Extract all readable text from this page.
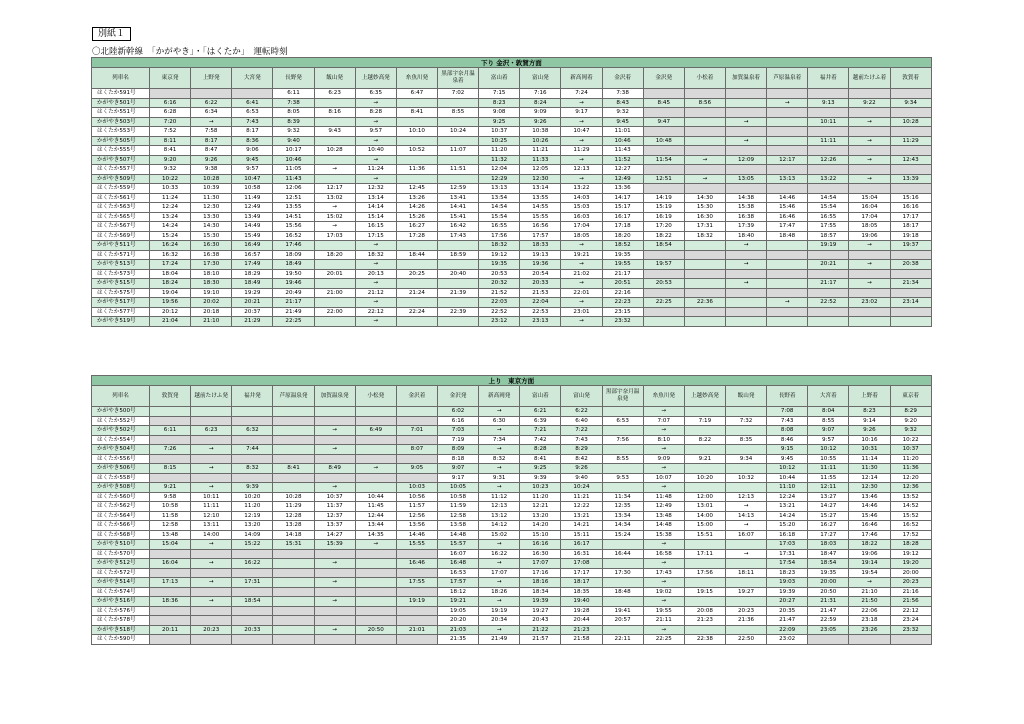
別紙１
〇北陸新幹線　「かがやき」・「はくたか」　運転時刻
下り 金沢・敦賀方面																			
列車名	東京発	上野発	大宮発	長野発	飯山発	上越妙高発	糸魚川発	黒部宇奈月温泉着	富山着	富山発	新高岡着	金沢着	金沢発	小松着	加賀温泉着	芦原温泉着	福井着	越前たけふ着	敦賀着
はくたか591号				6:11	6:23	6:35	6:47	7:02	7:15	7:16	7:24	7:38							
かがやき501号	6:16	6:22	6:41	7:38		→			8:23	8:24	→	8:43	8:45	8:56		→	9:13	9:22	9:34
はくたか551号	6:28	6:34	6:53	8:05	8:16	8:28	8:41	8:55	9:08	9:09	9:17	9:32							
かがやき503号	7:20	→	7:43	8:39		→			9:25	9:26	→	9:45	9:47		→		10:11	→	10:28
はくたか553号	7:52	7:58	8:17	9:32	9:43	9:57	10:10	10:24	10:37	10:38	10:47	11:01							
かがやき505号	8:11	8:17	8:36	9:40		→			10:25	10:26	→	10:46	10:48		→		11:11	→	11:29
はくたか555号	8:41	8:47	9:06	10:17	10:28	10:40	10:52	11:07	11:20	11:21	11:29	11:43							
かがやき507号	9:20	9:26	9:45	10:46		→			11:32	11:33	→	11:52	11:54	→	12:09	12:17	12:26	→	12:43
はくたか557号	9:32	9:38	9:57	11:05	→	11:24	11:36	11:51	12:04	12:05	12:13	12:27							
かがやき509号	10:22	10:28	10:47	11:43		→			12:29	12:30	→	12:49	12:51	→	13:05	13:13	13:22	→	13:39
はくたか559号	10:33	10:39	10:58	12:06	12:17	12:32	12:45	12:59	13:13	13:14	13:22	13:36							
はくたか561号	11:24	11:30	11:49	12:51	13:02	13:14	13:26	13:41	13:54	13:55	14:03	14:17	14:19	14:30	14:38	14:46	14:54	15:04	15:16
はくたか563号	12:24	12:30	12:49	13:55	→	14:14	14:26	14:41	14:54	14:55	15:03	15:17	15:19	15:30	15:38	15:46	15:54	16:04	16:16
はくたか565号	13:24	13:30	13:49	14:51	15:02	15:14	15:26	15:41	15:54	15:55	16:03	16:17	16:19	16:30	16:38	16:46	16:55	17:04	17:17
はくたか567号	14:24	14:30	14:49	15:56	→	16:15	16:27	16:42	16:55	16:56	17:04	17:18	17:20	17:31	17:39	17:47	17:55	18:05	18:17
はくたか569号	15:24	15:30	15:49	16:52	17:03	17:15	17:28	17:43	17:56	17:57	18:05	18:20	18:22	18:32	18:40	18:48	18:57	19:06	19:18
かがやき511号	16:24	16:30	16:49	17:46		→			18:32	18:33	→	18:52	18:54		→		19:19	→	19:37
はくたか571号	16:32	16:38	16:57	18:09	18:20	18:32	18:44	18:59	19:12	19:13	19:21	19:35							
かがやき513号	17:24	17:30	17:49	18:49		→			19:35	19:36	→	19:55	19:57		→		20:21	→	20:38
はくたか573号	18:04	18:10	18:29	19:50	20:01	20:13	20:25	20:40	20:53	20:54	21:02	21:17							
かがやき515号	18:24	18:30	18:49	19:46		→			20:32	20:33	→	20:51	20:53		→		21:17	→	21:34
はくたか575号	19:04	19:10	19:29	20:49	21:00	21:12	21:24	21:39	21:52	21:53	22:01	22:16							
かがやき517号	19:56	20:02	20:21	21:17		→			22:03	22:04	→	22:23	22:25	22:36		→	22:52	23:02	23:14
はくたか577号	20:12	20:18	20:37	21:49	22:00	22:12	22:24	22:39	22:52	22:53	23:01	23:15							
かがやき519号	21:04	21:10	21:29	22:25		→			23:12	23:13	→	23:32							
上り　東京方面																			
列車名	敦賀発	越前たけふ発	福井発	芦原温泉発	加賀温泉発	小松発	金沢着	金沢発	新高岡発	富山着	富山発	黒部宇奈月温泉発	糸魚川発	上越妙高発	飯山発	長野着	大宮着	上野着	東京着
かがやき500号								6:02	→	6:21	6:22		→			7:08	8:04	8:23	8:29
はくたか552号								6:16	6:30	6:39	6:40	6:53	7:07	7:19	7:32	7:43	8:55	9:14	9:20
かがやき502号	6:11	6:23	6:32		→	6:49	7:01	7:03	→	7:21	7:22		→			8:08	9:07	9:26	9:32
はくたか554号								7:19	7:34	7:42	7:43	7:56	8:10	8:22	8:35	8:46	9:57	10:16	10:22
かがやき504号	7:26	→	7:44		→		8:07	8:09	→	8:28	8:29		→			9:15	10:12	10:31	10:37
はくたか556号								8:18	8:32	8:41	8:42	8:55	9:09	9:21	9:34	9:45	10:55	11:14	11:20
かがやき506号	8:15	→	8:32	8:41	8:49	→	9:05	9:07	→	9:25	9:26		→			10:12	11:11	11:30	11:36
はくたか558号								9:17	9:31	9:39	9:40	9:53	10:07	10:20	10:32	10:44	11:55	12:14	12:20
かがやき508号	9:21	→	9:39		→		10:03	10:05	→	10:23	10:24		→			11:10	12:11	12:30	12:36
はくたか560号	9:58	10:11	10:20	10:28	10:37	10:44	10:56	10:58	11:12	11:20	11:21	11:34	11:48	12:00	12:13	12:24	13:27	13:46	13:52
はくたか562号	10:58	11:11	11:20	11:29	11:37	11:45	11:57	11:59	12:13	12:21	12:22	12:35	12:49	13:01	→	13:21	14:27	14:46	14:52
はくたか564号	11:58	12:10	12:19	12:28	12:37	12:44	12:56	12:58	13:12	13:20	13:21	13:34	13:48	14:00	14:13	14:24	15:27	15:46	15:52
はくたか566号	12:58	13:11	13:20	13:28	13:37	13:44	13:56	13:58	14:12	14:20	14:21	14:34	14:48	15:00	→	15:20	16:27	16:46	16:52
はくたか568号	13:48	14:00	14:09	14:18	14:27	14:35	14:46	14:48	15:02	15:10	15:11	15:24	15:38	15:51	16:07	16:18	17:27	17:46	17:52
かがやき510号	15:04	→	15:22	15:31	15:39	→	15:55	15:57	→	16:16	16:17		→			17:03	18:03	18:22	18:28
はくたか570号								16:07	16:22	16:30	16:31	16:44	16:58	17:11	→	17:31	18:47	19:06	19:12
かがやき512号	16:04	→	16:22		→		16:46	16:48	→	17:07	17:08		→			17:54	18:54	19:14	19:20
はくたか572号								16:53	17:07	17:16	17:17	17:30	17:43	17:56	18:11	18:23	19:35	19:54	20:00
かがやき514号	17:13	→	17:31		→		17:55	17:57	→	18:16	18:17		→			19:03	20:00	→	20:23
はくたか574号								18:12	18:26	18:34	18:35	18:48	19:02	19:15	19:27	19:39	20:50	21:10	21:16
かがやき516号	18:36	→	18:54		→		19:19	19:21	→	19:39	19:40		→			20:27	21:31	21:50	21:56
はくたか576号								19:05	19:19	19:27	19:28	19:41	19:55	20:08	20:23	20:35	21:47	22:06	22:12
はくたか578号								20:20	20:34	20:43	20:44	20:57	21:11	21:23	21:36	21:47	22:59	23:18	23:24
かがやき518号	20:11	20:23	20:33		→	20:50	21:01	21:03	→	21:22	21:23		→			22:09	23:05	23:26	23:32
はくたか590号								21:35	21:49	21:57	21:58	22:11	22:25	22:38	22:50	23:02			
